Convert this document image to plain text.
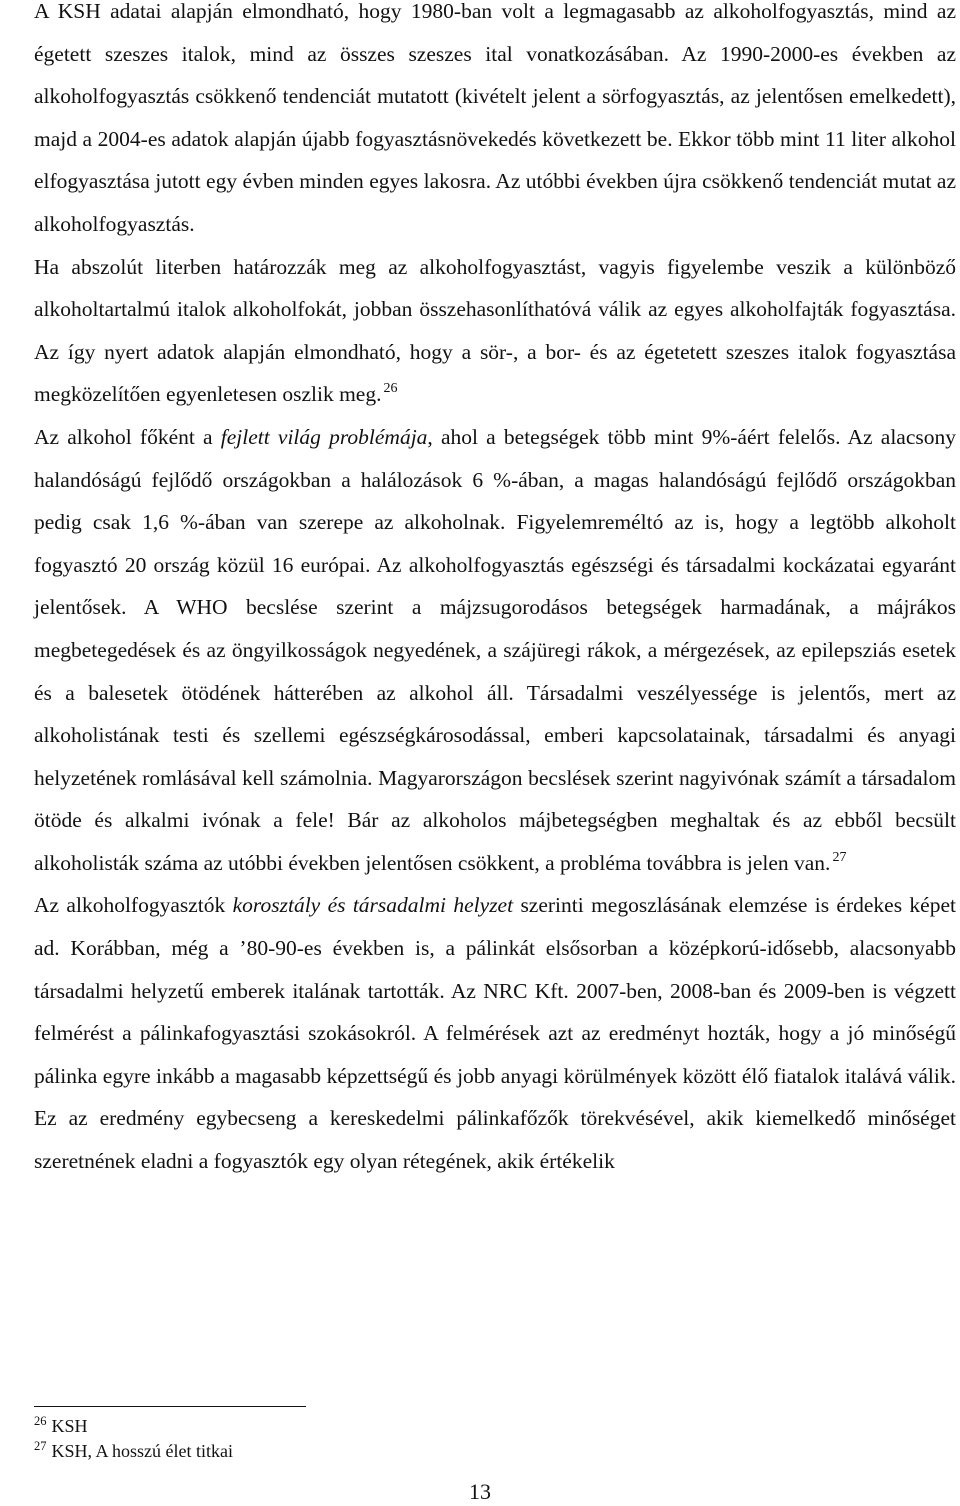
A KSH adatai alapján elmondható, hogy 1980-ban volt a legmagasabb az alkoholfogyasztás, mind az égetett szeszes italok, mind az összes szeszes ital vonatkozásában. Az 1990-2000-es években az alkoholfogyasztás csökkenő tendenciát mutatott (kivételt jelent a sörfogyasztás, az jelentősen emelkedett), majd a 2004-es adatok alapján újabb fogyasztásnövekedés következett be. Ekkor több mint 11 liter alkohol elfogyasztása jutott egy évben minden egyes lakosra. Az utóbbi években újra csökkenő tendenciát mutat az alkoholfogyasztás.

Ha abszolút literben határozzák meg az alkoholfogyasztást, vagyis figyelembe veszik a különböző alkoholtartalmú italok alkoholfokát, jobban összehasonlíthatóvá válik az egyes alkoholfajták fogyasztása. Az így nyert adatok alapján elmondható, hogy a sör-, a bor- és az égetetett szeszes italok fogyasztása megközelítően egyenletesen oszlik meg. $^{26}$

Az alkohol főként a fejlett világ problémája, ahol a betegségek több mint 9%-áért felelős. Az alacsony halandóságú fejlődő országokban a halálozások 6 %-ában, a magas halandóságú fejlődő országokban pedig csak 1,6 %-ában van szerepe az alkoholnak. Figyelemreméltó az is, hogy a legtöbb alkoholt fogyasztó 20 ország közül 16 európai. Az alkoholfogyasztás egészségi és társadalmi kockázatai egyaránt jelentősek. A WHO becslése szerint a májzsugorodásos betegségek harmadának, a májrákos megbetegedések és az öngyilkosságok negyedének, a szájüregi rákok, a mérgezések, az epilepsziás esetek és a balesetek ötödének hátterében az alkohol áll. Társadalmi veszélyessége is jelentős, mert az alkoholistának testi és szellemi egészségkárosodással, emberi kapcsolatainak, társadalmi és anyagi helyzetének romlásával kell számolnia. Magyarországon becslések szerint nagyivónak számít a társadalom ötöde és alkalmi ivónak a fele! Bár az alkoholos májbetegségben meghaltak és az ebből becsült alkoholisták száma az utóbbi években jelentősen csökkent, a probléma továbbra is jelen van. $^{27}$

Az alkoholfogyasztók korosztály és társadalmi helyzet szerinti megoszlásának elemzése is érdekes képet ad. Korábban, még a ’80-90-es években is, a pálinkát elsősorban a középkorú-idősebb, alacsonyabb társadalmi helyzetű emberek italának tartották. Az NRC Kft. 2007-ben, 2008-ban és 2009-ben is végzett felmérést a pálinkafogyasztási szokásokról. A felmérések azt az eredményt hozták, hogy a jó minőségű pálinka egyre inkább a magasabb képzettségű és jobb anyagi körülmények között élő fiatalok italává válik. Ez az eredmény egybecseng a kereskedelmi pálinkafőzők törekvésével, akik kiemelkedő minőséget szeretnének eladni a fogyasztók egy olyan rétegének, akik értékelik

$^{26}$ KSH
$^{27}$ KSH, A hosszú élet titkai
13
